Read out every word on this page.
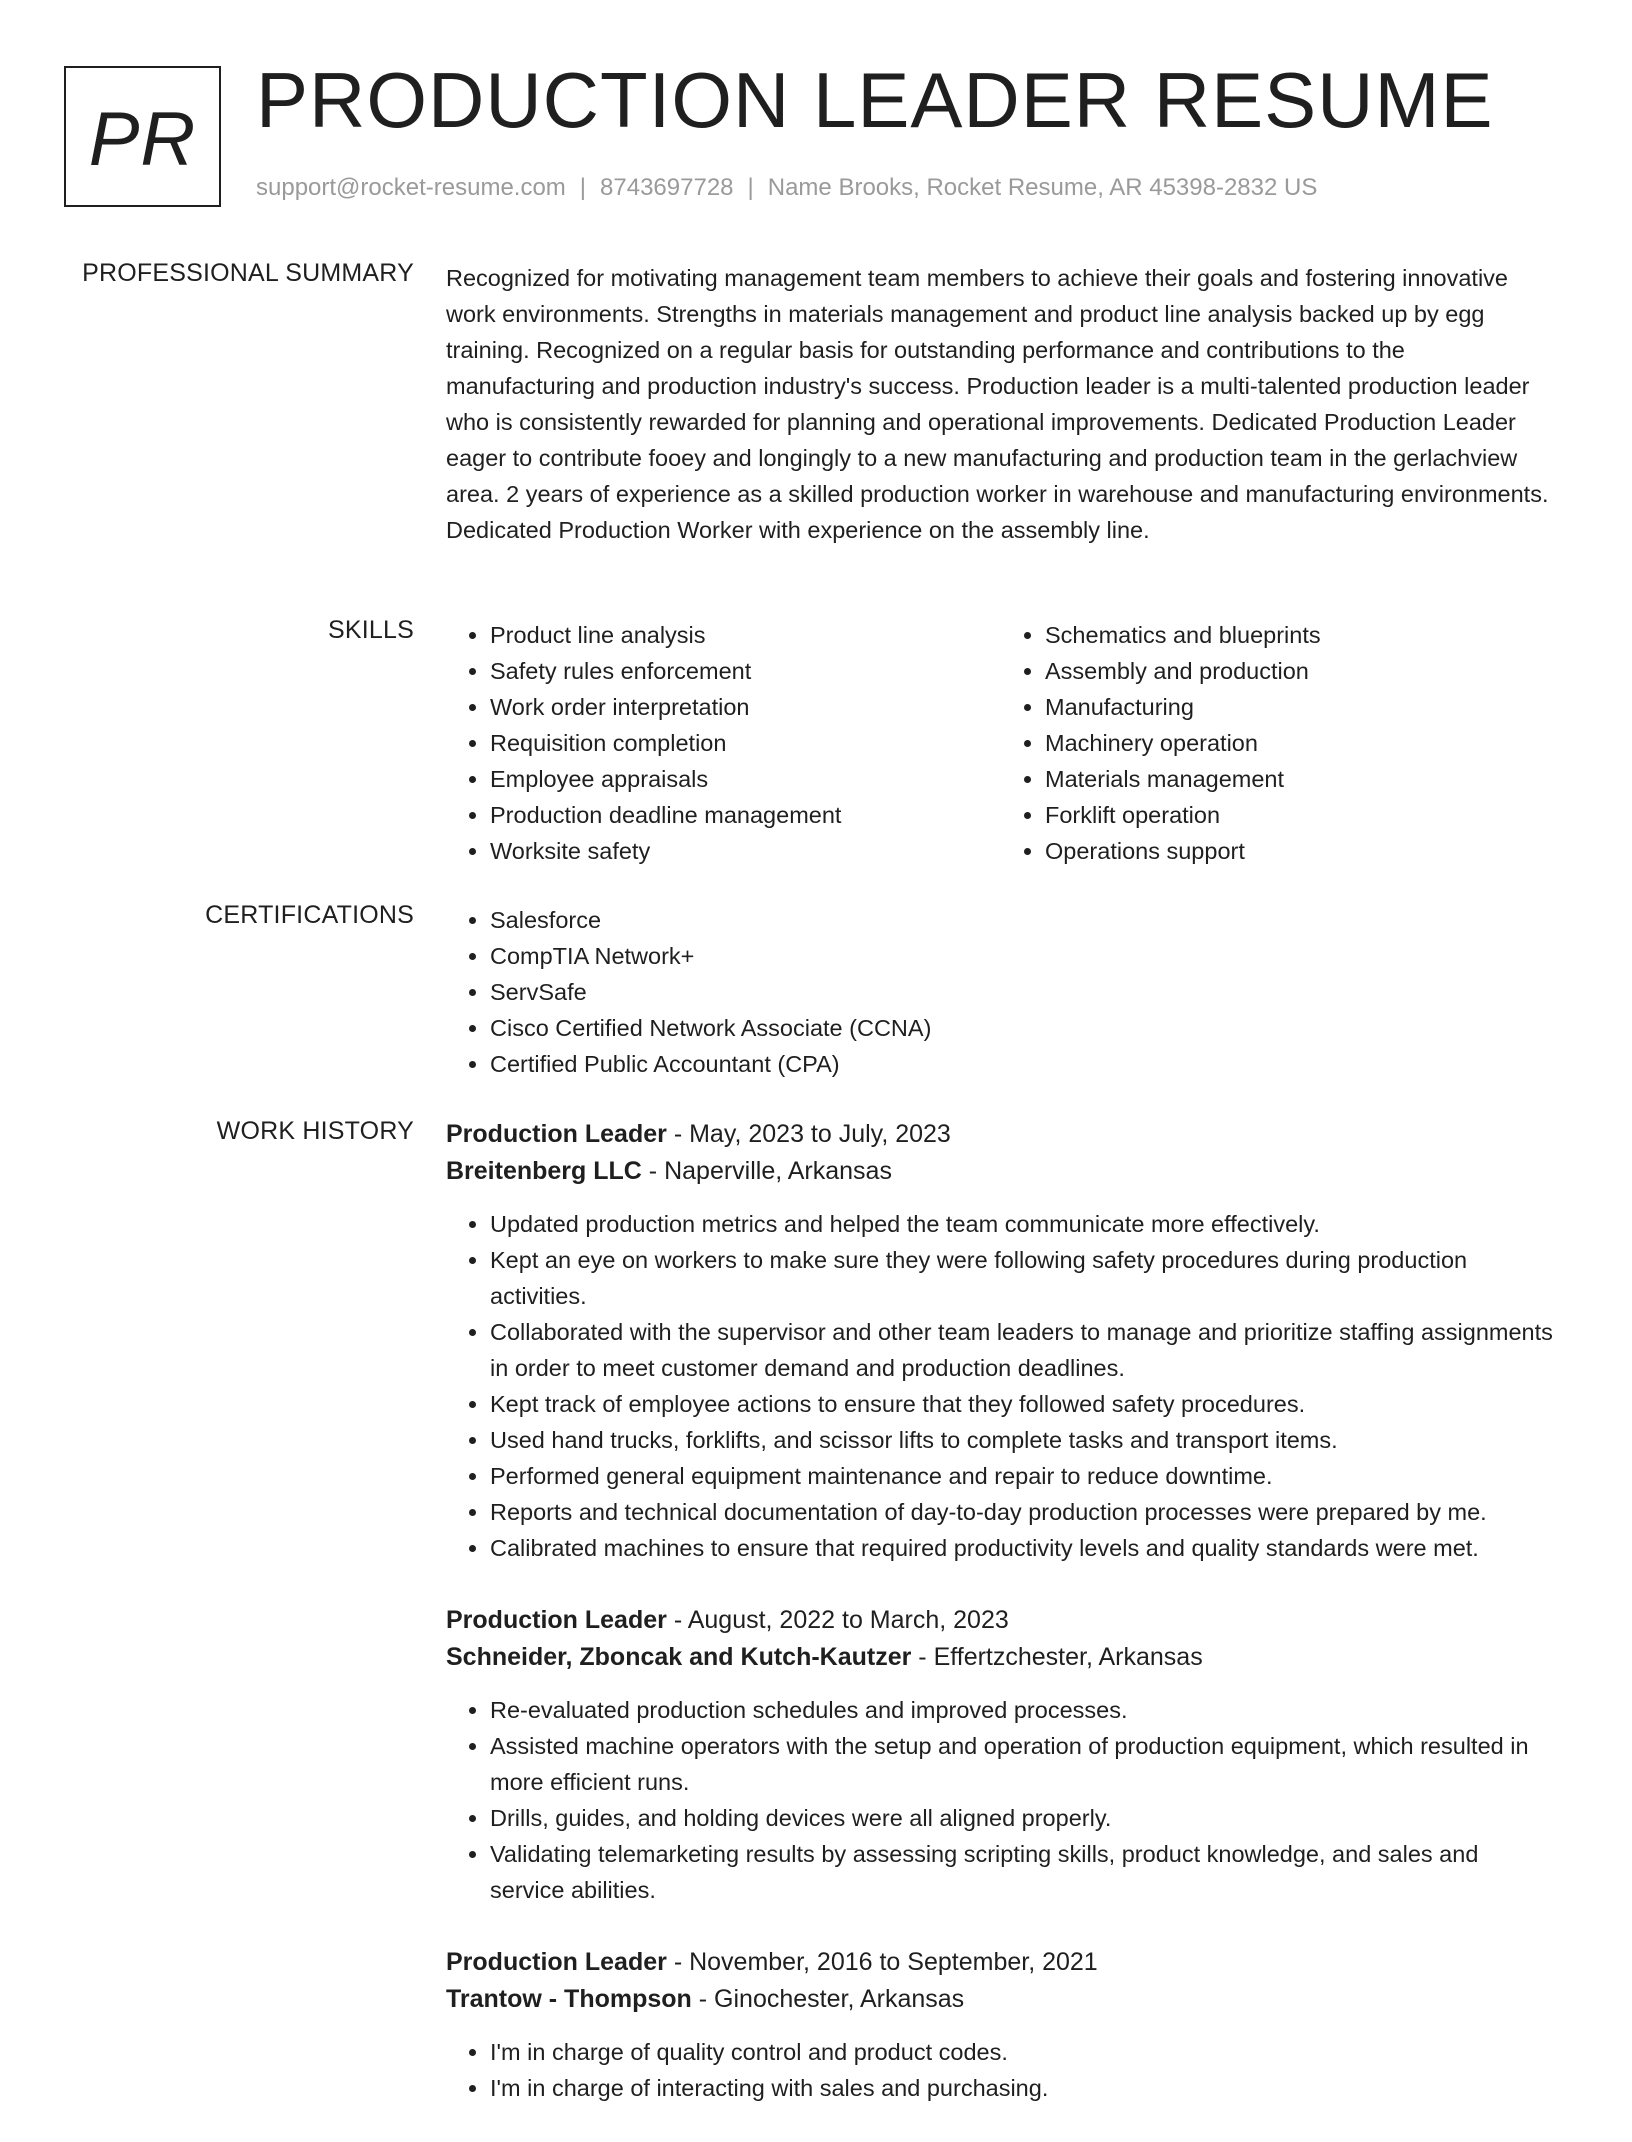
PR PRODUCTION LEADER RESUME
support@rocket-resume.com | 8743697728 | Name Brooks, Rocket Resume, AR 45398-2832 US
PROFESSIONAL SUMMARY Recognized for motivating management team members to achieve their goals and fostering innovative work environments. Strengths in materials management and product line analysis backed up by egg training. Recognized on a regular basis for outstanding performance and contributions to the manufacturing and production industry's success. Production leader is a multi-talented production leader who is consistently rewarded for planning and operational improvements. Dedicated Production Leader eager to contribute fooey and longingly to a new manufacturing and production team in the gerlachview area. 2 years of experience as a skilled production worker in warehouse and manufacturing environments. Dedicated Production Worker with experience on the assembly line.

SKILLS	• Product line analysis
• Safety rules enforcement
• Work order interpretation
• Requisition completion
• Employee appraisals
• Production deadline management
• Worksite safety
• Schematics and blueprints
• Assembly and production
• Manufacturing
• Machinery operation
• Materials management
• Forklift operation
• Operations support
CERTIFICATIONS	• Salesforce
• CompTIA Network+
• ServSafe
• Cisco Certified Network Associate (CCNA)
• Certified Public Accountant (CPA)
WORK HISTORY Production Leader - May, 2023 to July, 2023
Breitenberg LLC - Naperville, Arkansas
• Updated production metrics and helped the team communicate more effectively.
• Kept an eye on workers to make sure they were following safety procedures during production activities.
• Collaborated with the supervisor and other team leaders to manage and prioritize staffing assignments in order to meet customer demand and production deadlines.
• Kept track of employee actions to ensure that they followed safety procedures.
• Used hand trucks, forklifts, and scissor lifts to complete tasks and transport items.
• Performed general equipment maintenance and repair to reduce downtime.
• Reports and technical documentation of day-to-day production processes were prepared by me.
• Calibrated machines to ensure that required productivity levels and quality standards were met.
Production Leader - August, 2022 to March, 2023
Schneider, Zboncak and Kutch-Kautzer - Effertzchester, Arkansas
• Re-evaluated production schedules and improved processes.
• Assisted machine operators with the setup and operation of production equipment, which resulted in more efficient runs.
• Drills, guides, and holding devices were all aligned properly.
• Validating telemarketing results by assessing scripting skills, product knowledge, and sales and service abilities.
Production Leader - November, 2016 to September, 2021
Trantow - Thompson - Ginochester, Arkansas
• I'm in charge of quality control and product codes.
• I'm in charge of interacting with sales and purchasing.
